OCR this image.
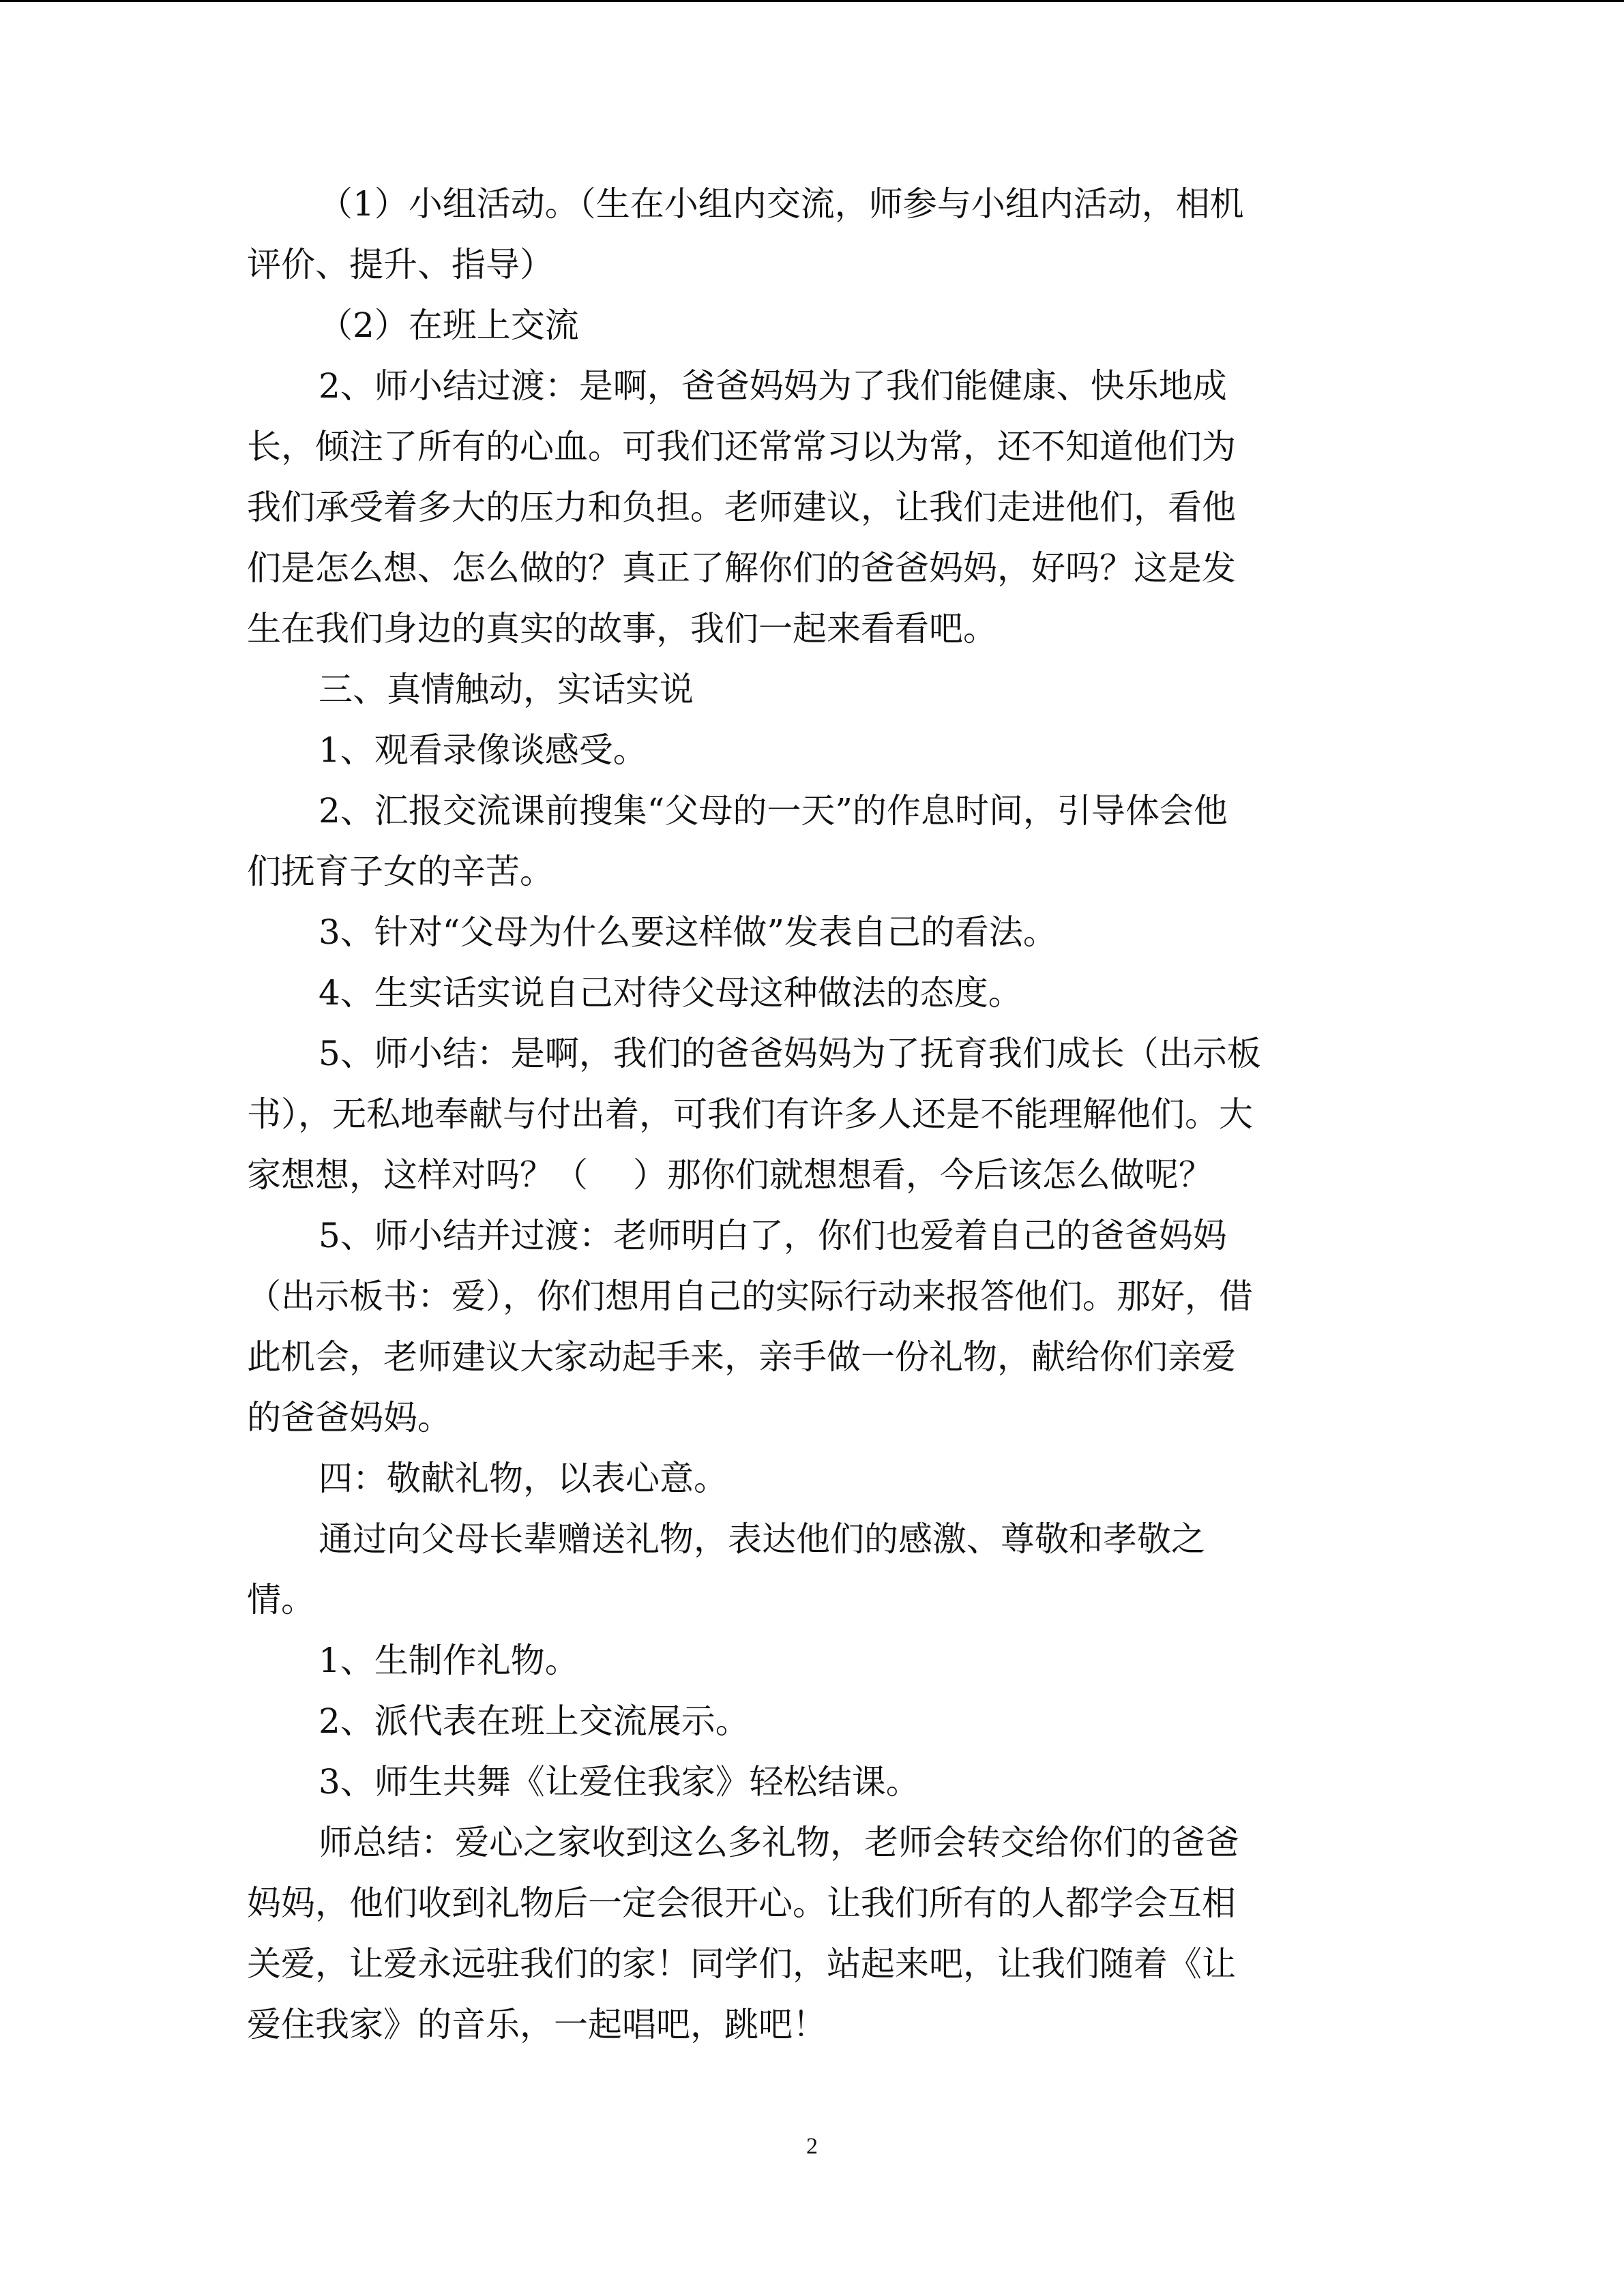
（1）小组活动。（生在小组内交流，师参与小组内活动，相机
评价、提升、指导）
（2）在班上交流
2、师小结过渡：是啊，爸爸妈妈为了我们能健康、快乐地成
长，倾注了所有的心血。可我们还常常习以为常，还不知道他们为
我们承受着多大的压力和负担。老师建议，让我们走进他们，看他
们是怎么想、怎么做的？真正了解你们的爸爸妈妈，好吗？这是发
生在我们身边的真实的故事，我们一起来看看吧。
三、真情触动，实话实说
1、观看录像谈感受。
2、汇报交流课前搜集“父母的一天”的作息时间，引导体会他
们抚育子女的辛苦。
3、针对“父母为什么要这样做”发表自己的看法。
4、生实话实说自己对待父母这种做法的态度。
5、师小结：是啊，我们的爸爸妈妈为了抚育我们成长（出示板
书），无私地奉献与付出着，可我们有许多人还是不能理解他们。大
家想想，这样对吗？（　 ）那你们就想想看，今后该怎么做呢？
5、师小结并过渡：老师明白了，你们也爱着自己的爸爸妈妈
（出示板书：爱），你们想用自己的实际行动来报答他们。那好，借
此机会，老师建议大家动起手来，亲手做一份礼物，献给你们亲爱
的爸爸妈妈。
四：敬献礼物，以表心意。
通过向父母长辈赠送礼物，表达他们的感激、尊敬和孝敬之
情。
1、生制作礼物。
2、派代表在班上交流展示。
3、师生共舞《让爱住我家》轻松结课。
师总结：爱心之家收到这么多礼物，老师会转交给你们的爸爸
妈妈，他们收到礼物后一定会很开心。让我们所有的人都学会互相
关爱，让爱永远驻我们的家！同学们，站起来吧，让我们随着《让
爱住我家》的音乐，一起唱吧，跳吧！
2
